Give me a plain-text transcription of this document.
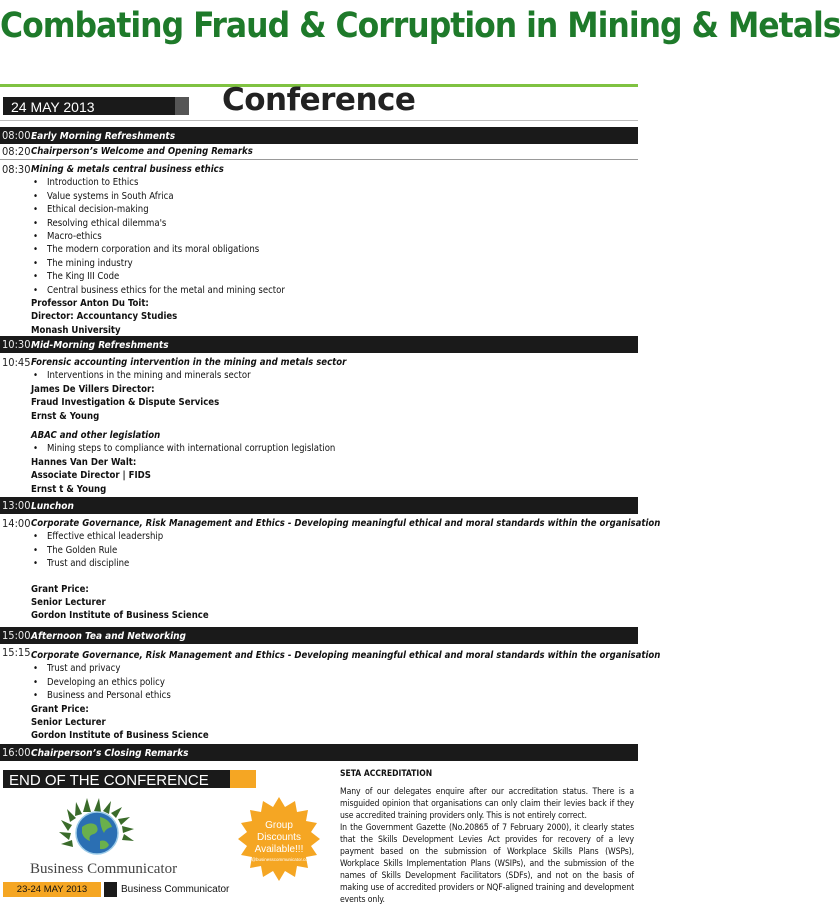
Combating Fraud & Corruption in Mining & Metals
24 MAY 2013	Conference
08:00Early Morning Refreshments
08:20 Chairperson’s Welcome and Opening Remarks
08:30 Mining & metals central business ethics
• Introduction to Ethics
• Value systems in South Africa
• Ethical decision-making
• Resolving ethical dilemma's
• Macro-ethics
• The modern corporation and its moral obligations
• The mining industry
• The King III Code
• Central business ethics for the metal and mining sector
Professor Anton Du Toit:
Director: Accountancy Studies
Monash University
10:30Mid-Morning Refreshments
10:45 Forensic accounting intervention in the mining and metals sector
• Interventions in the mining and minerals sector
James De Villers Director:
Fraud Investigation & Dispute Services
Ernst & Young
ABAC and other legislation
• Mining steps to compliance with international corruption legislation
Hannes Van Der Walt:
Associate Director | FIDS
Ernst t & Young
13:00Lunchon
14:00 Corporate Governance, Risk Management and Ethics - Developing meaningful ethical and moral standards within the organisation
• Effective ethical leadership
• The Golden Rule
• Trust and discipline
Grant Price:
Senior Lecturer
Gordon Institute of Business Science
15:00Afternoon Tea and Networking
15:15 Corporate Governance, Risk Management and Ethics - Developing meaningful ethical and moral standards within the organisation
• Trust and privacy
• Developing an ethics policy
• Business and Personal ethics
Grant Price:
Senior Lecturer
Gordon Institute of Business Science
16:00Chairperson’s Closing Remarks
END OF THE CONFERENCE
Business Communicator
Group
Discounts
Available!!!
info@businesscommunicator.co.za
23-24 MAY 2013	Business Communicator
SETA ACCREDITATION

Many of our delegates enquire after our accreditation status. There is a misguided opinion that organisations can only claim their levies back if they use accredited training providers only. This is not entirely correct.

In the Government Gazette (No.20865 of 7 February 2000), it clearly states that the Skills Development Levies Act provides for recovery of a levy payment based on the submission of Workplace Skills Plans (WSPs), Workplace Skills Implementation Plans (WSIPs), and the submission of the names of Skills Development Facilitators (SDFs), and not on the basis of making use of accredited providers or NQF-aligned training and development events only.
